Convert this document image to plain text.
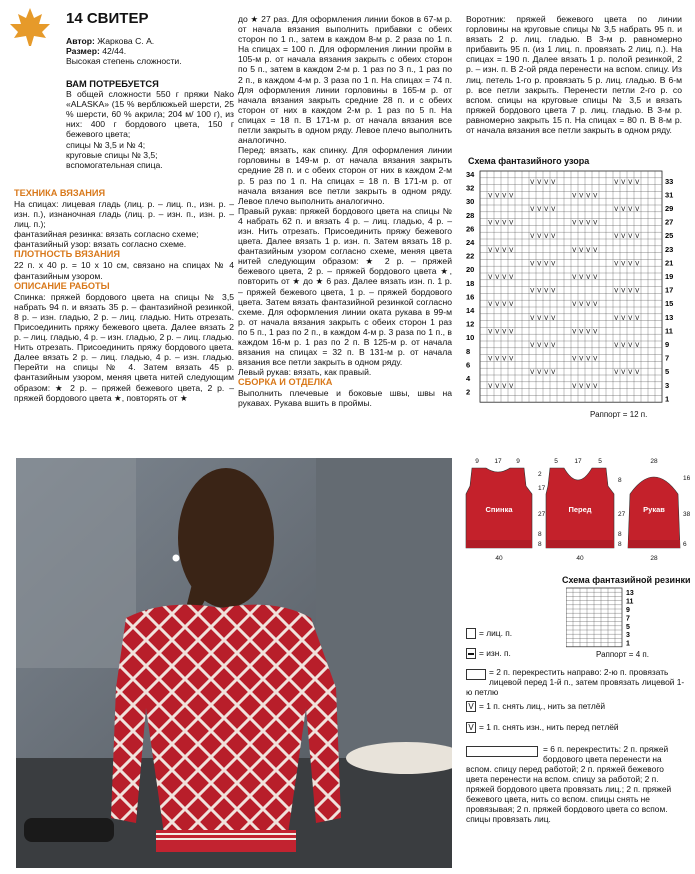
14 СВИТЕР

Автор: Жаркова С. А.

Размер: 42/44.

Высокая степень сложности.

ВАМ ПОТРЕБУЕТСЯ

В общей сложности 550 г пряжи Nako «ALASKA» (15 % верблюжьей шерсти, 25 % шерсти, 60 % акрила; 204 м/ 100 г), из них: 400 г бордового цвета, 150 г бежевого цвета;

спицы № 3,5 и № 4;

круговые спицы № 3,5;

вспомогательная спица.

ТЕХНИКА ВЯЗАНИЯ

На спицах: лицевая гладь (лиц. р. – лиц. п., изн. р. – изн. п.), изнаночная гладь (лиц. р. – изн. п., изн. р. – лиц. п.);

фантазийная резинка: вязать согласно схеме;

фантазийный узор: вязать согласно схеме.

ПЛОТНОСТЬ ВЯЗАНИЯ

22 п. х 40 р. = 10 х 10 см, связано на спицах № 4 фантазийным узором.

ОПИСАНИЕ РАБОТЫ

Спинка: пряжей бордового цвета на спицы № 3,5 набрать 94 п. и вязать 35 р. – фантазийной резинкой, 8 р. – изн. гладью, 2 р. – лиц. гладью. Нить отрезать. Присоединить пряжу бежевого цвета. Далее вязать 2 р. – лиц. гладью, 4 р. – изн. гладью, 2 р. – лиц. гладью. Нить отрезать. Присоединить пряжу бордового цвета. Далее вязать 2 р. – лиц. гладью, 4 р. – изн. гладью. Перейти на спицы № 4. Затем вязать 45 р. фантазийным узором, меняя цвета нитей следующим образом: ★ 2 р. – пряжей бежевого цвета, 2 р. – пряжей бордового цвета ★, повторять от ★

до ★ 27 раз. Для оформления линии боков в 67-м р. от начала вязания выполнить прибавки с обеих сторон по 1 п., затем в каждом 8-м р. 2 раза по 1 п. На спицах = 100 п. Для оформления линии пройм в 105-м р. от начала вязания закрыть с обеих сторон по 5 п., затем в каждом 2-м р. 1 раз по 3 п., 1 раз по 2 п., в каждом 4-м р. 3 раза по 1 п. На спицах = 74 п. Для оформления линии горловины в 165-м р. от начала вязания закрыть средние 28 п. и с обеих сторон от них в каждом 2-м р. 1 раз по 5 п. На спицах = 18 п. В 171-м р. от начала вязания все петли закрыть в одном ряду. Левое плечо выполнить аналогично.

Перед: вязать, как спинку. Для оформления линии горловины в 149-м р. от начала вязания закрыть средние 28 п. и с обеих сторон от них в каждом 2-м р. 5 раз по 1 п. На спицах = 18 п. В 171-м р. от начала вязания все петли закрыть в одном ряду. Левое плечо выполнить аналогично.

Правый рукав: пряжей бордового цвета на спицы № 4 набрать 62 п. и вязать 4 р. – лиц. гладью, 4 р. – изн. Нить отрезать. Присоединить пряжу бежевого цвета. Далее вязать 1 р. изн. п. Затем вязать 18 р. фантазийным узором согласно схеме, меняя цвета нитей следующим образом: ★ 2 р. – пряжей бежевого цвета, 2 р. – пряжей бордового цвета ★, повторить от ★ до ★ 6 раз. Далее вязать изн. п. 1 р. – пряжей бежевого цвета, 1 р. – пряжей бордового цвета. Затем вязать фантазийной резинкой согласно схеме. Для оформления линии оката рукава в 99-м р. от начала вязания закрыть с обеих сторон 1 раз по 5 п., 1 раз по 2 п., в каждом 4-м р. 3 раза по 1 п., в каждом 16-м р. 1 раз по 2 п. В 125-м р. от начала вязания на спицах = 32 п. В 131-м р. от начала вязания все петли закрыть в одном ряду.

Левый рукав: вязать, как правый.

СБОРКА И ОТДЕЛКА

Выполнить плечевые и боковые швы, швы на рукавах. Рукава вшить в проймы.

Воротник: пряжей бежевого цвета по линии горловины на круговые спицы № 3,5 набрать 95 п. и вязать 2 р. лиц. гладью. В 3-м р. равномерно прибавить 95 п. (из 1 лиц. п. провязать 2 лиц. п.). На спицах = 190 п. Далее вязать 1 р. полой резинкой, 2 р. – изн. п. В 2-ой ряда перенести на вспом. спицу. Из лиц. петель 1-го р. провязать 5 р. лиц. гладью. В 6-м р. все петли закрыть. Перенести петли 2-го р. со вспом. спицы на круговые спицы № 3,5 и вязать пряжей бордового цвета 7 р. лиц. гладью. В 3-м р. равномерно закрыть 15 п. На спицах = 80 п. В 8-м р. от начала вязания все петли закрыть в одном ряду.

Схема фантазийного узора
V V V V	V V V V
V V V V	V V V V
V V V V	V V V V
V V V V	V V V V
V V V V	V V V V
V V V V	V V V V
V V V V	V V V V
V V V V	V V V V
V V V V	V V V V
V V V V	V V V V
V V V V	V V V V
V V V V	V V V V
V V V V	V V V V
V V V V	V V V V
V V V V	V V V V
V V V V	V V V V
34
32
30
28
26
24
22
20
18
16
14
12
10
8
6
4
2
33
31
29
27
25
23
21
19
17
15
13
11
9
7
5
3
1
Раппорт = 12 п.
Спинка	Перед	Рукав
9 17 9	5	17	5	28
40	40	28
2
17
27
8
8
8
27
8
8
16
38
6
Схема фантазийной резинки
13
11
9
7
5
3
1
Раппорт = 4 п.
= лиц. п.
= изн. п.
= 2 п. перекрестить направо: 2-ю п. провязать лицевой перед 1-й п., затем провязать лицевой 1-ю петлю
V = 1 п. снять лиц., нить за петлёй
V = 1 п. снять изн., нить перед петлёй
= 6 п. перекрестить: 2 п. пряжей бордового цвета перенести на вспом. спицу перед работой; 2 п. пряжей бежевого цвета перенести на вспом. спицу за работой; 2 п. пряжей бордового цвета провязать лиц.; 2 п. пряжей бежевого цвета, нить со вспом. спицы снять не провязывая; 2 п. пряжей бордового цвета со вспом. спицы провязать лиц.
